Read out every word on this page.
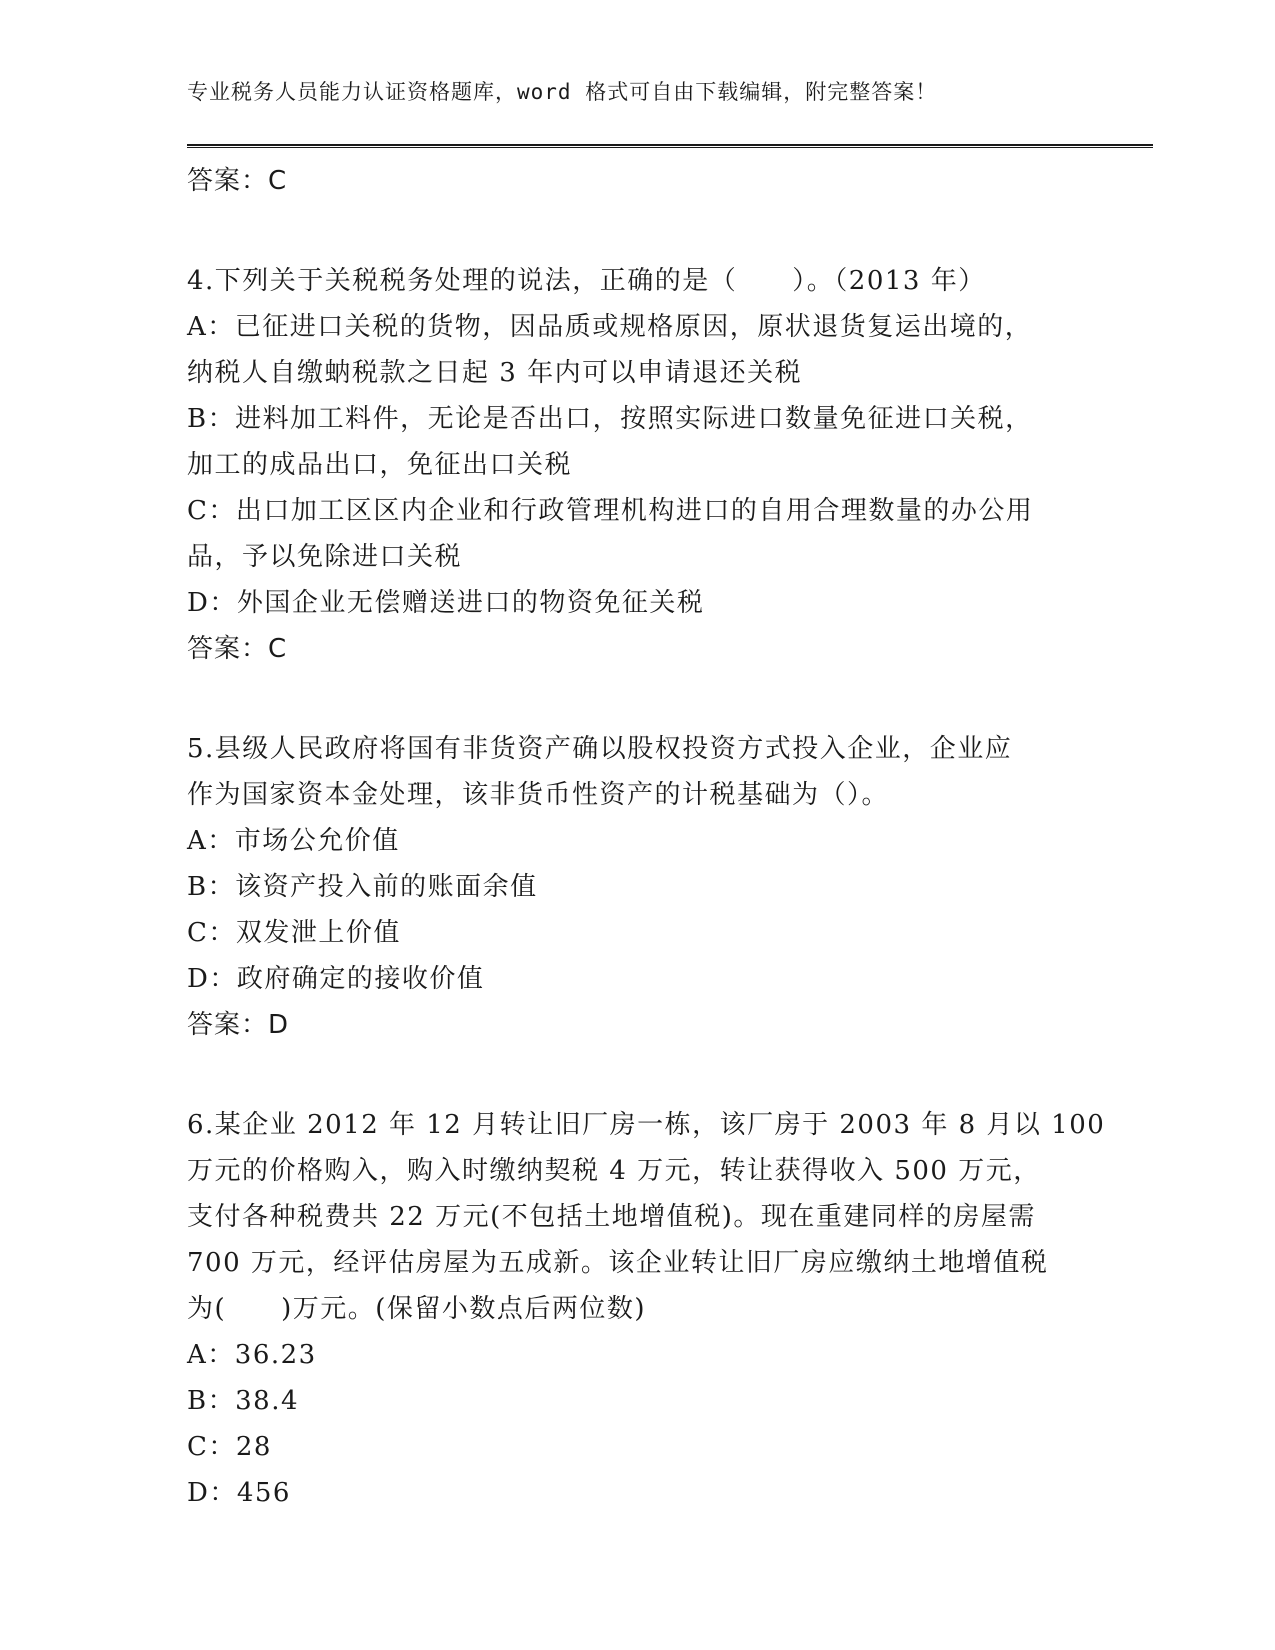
专业税务人员能力认证资格题库，word 格式可自由下载编辑，附完整答案！
答案：C
4.下列关于关税税务处理的说法，正确的是（　　）。（2013 年）
A：已征进口关税的货物，因品质或规格原因，原状退货复运出境的，
纳税人自缴蚋税款之日起 3 年内可以申请退还关税
B：进料加工料件，无论是否出口，按照实际进口数量免征进口关税，
加工的成品出口，免征出口关税
C：出口加工区区内企业和行政管理机构进口的自用合理数量的办公用
品，予以免除进口关税
D：外国企业无偿赠送进口的物资免征关税
答案：C
5.县级人民政府将国有非货资产确以股权投资方式投入企业，企业应
作为国家资本金处理，该非货币性资产的计税基础为（）。
A：市场公允价值
B：该资产投入前的账面余值
C：双发泄上价值
D：政府确定的接收价值
答案：D
6.某企业 2012 年 12 月转让旧厂房一栋，该厂房于 2003 年 8 月以 100
万元的价格购入，购入时缴纳契税 4 万元，转让获得收入 500 万元，
支付各种税费共 22 万元(不包括土地增值税)。现在重建同样的房屋需
700 万元，经评估房屋为五成新。该企业转让旧厂房应缴纳土地增值税
为(　　)万元。(保留小数点后两位数)
A：36.23
B：38.4
C：28
D：456
